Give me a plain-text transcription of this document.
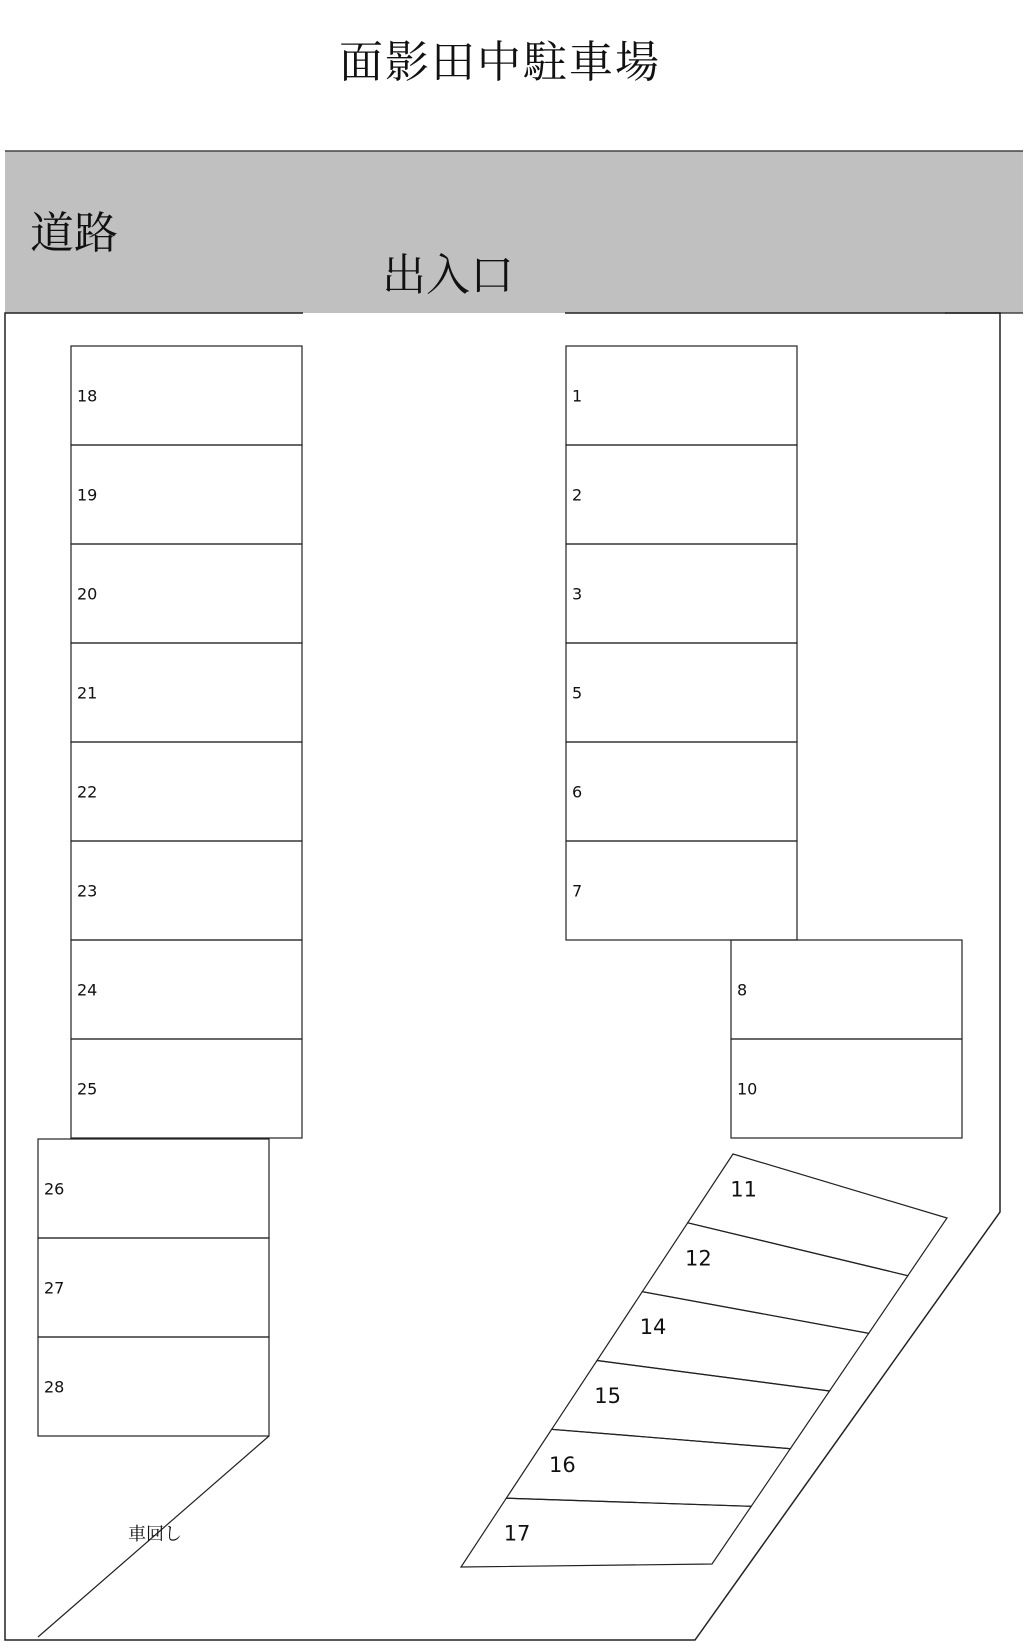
面影田中駐車場
道路
出入口
車回し
18
19
20
21
22
23
24
25
26
27
28
1
2
3
5
6
7
8
10
11
12
14
15
16
17
